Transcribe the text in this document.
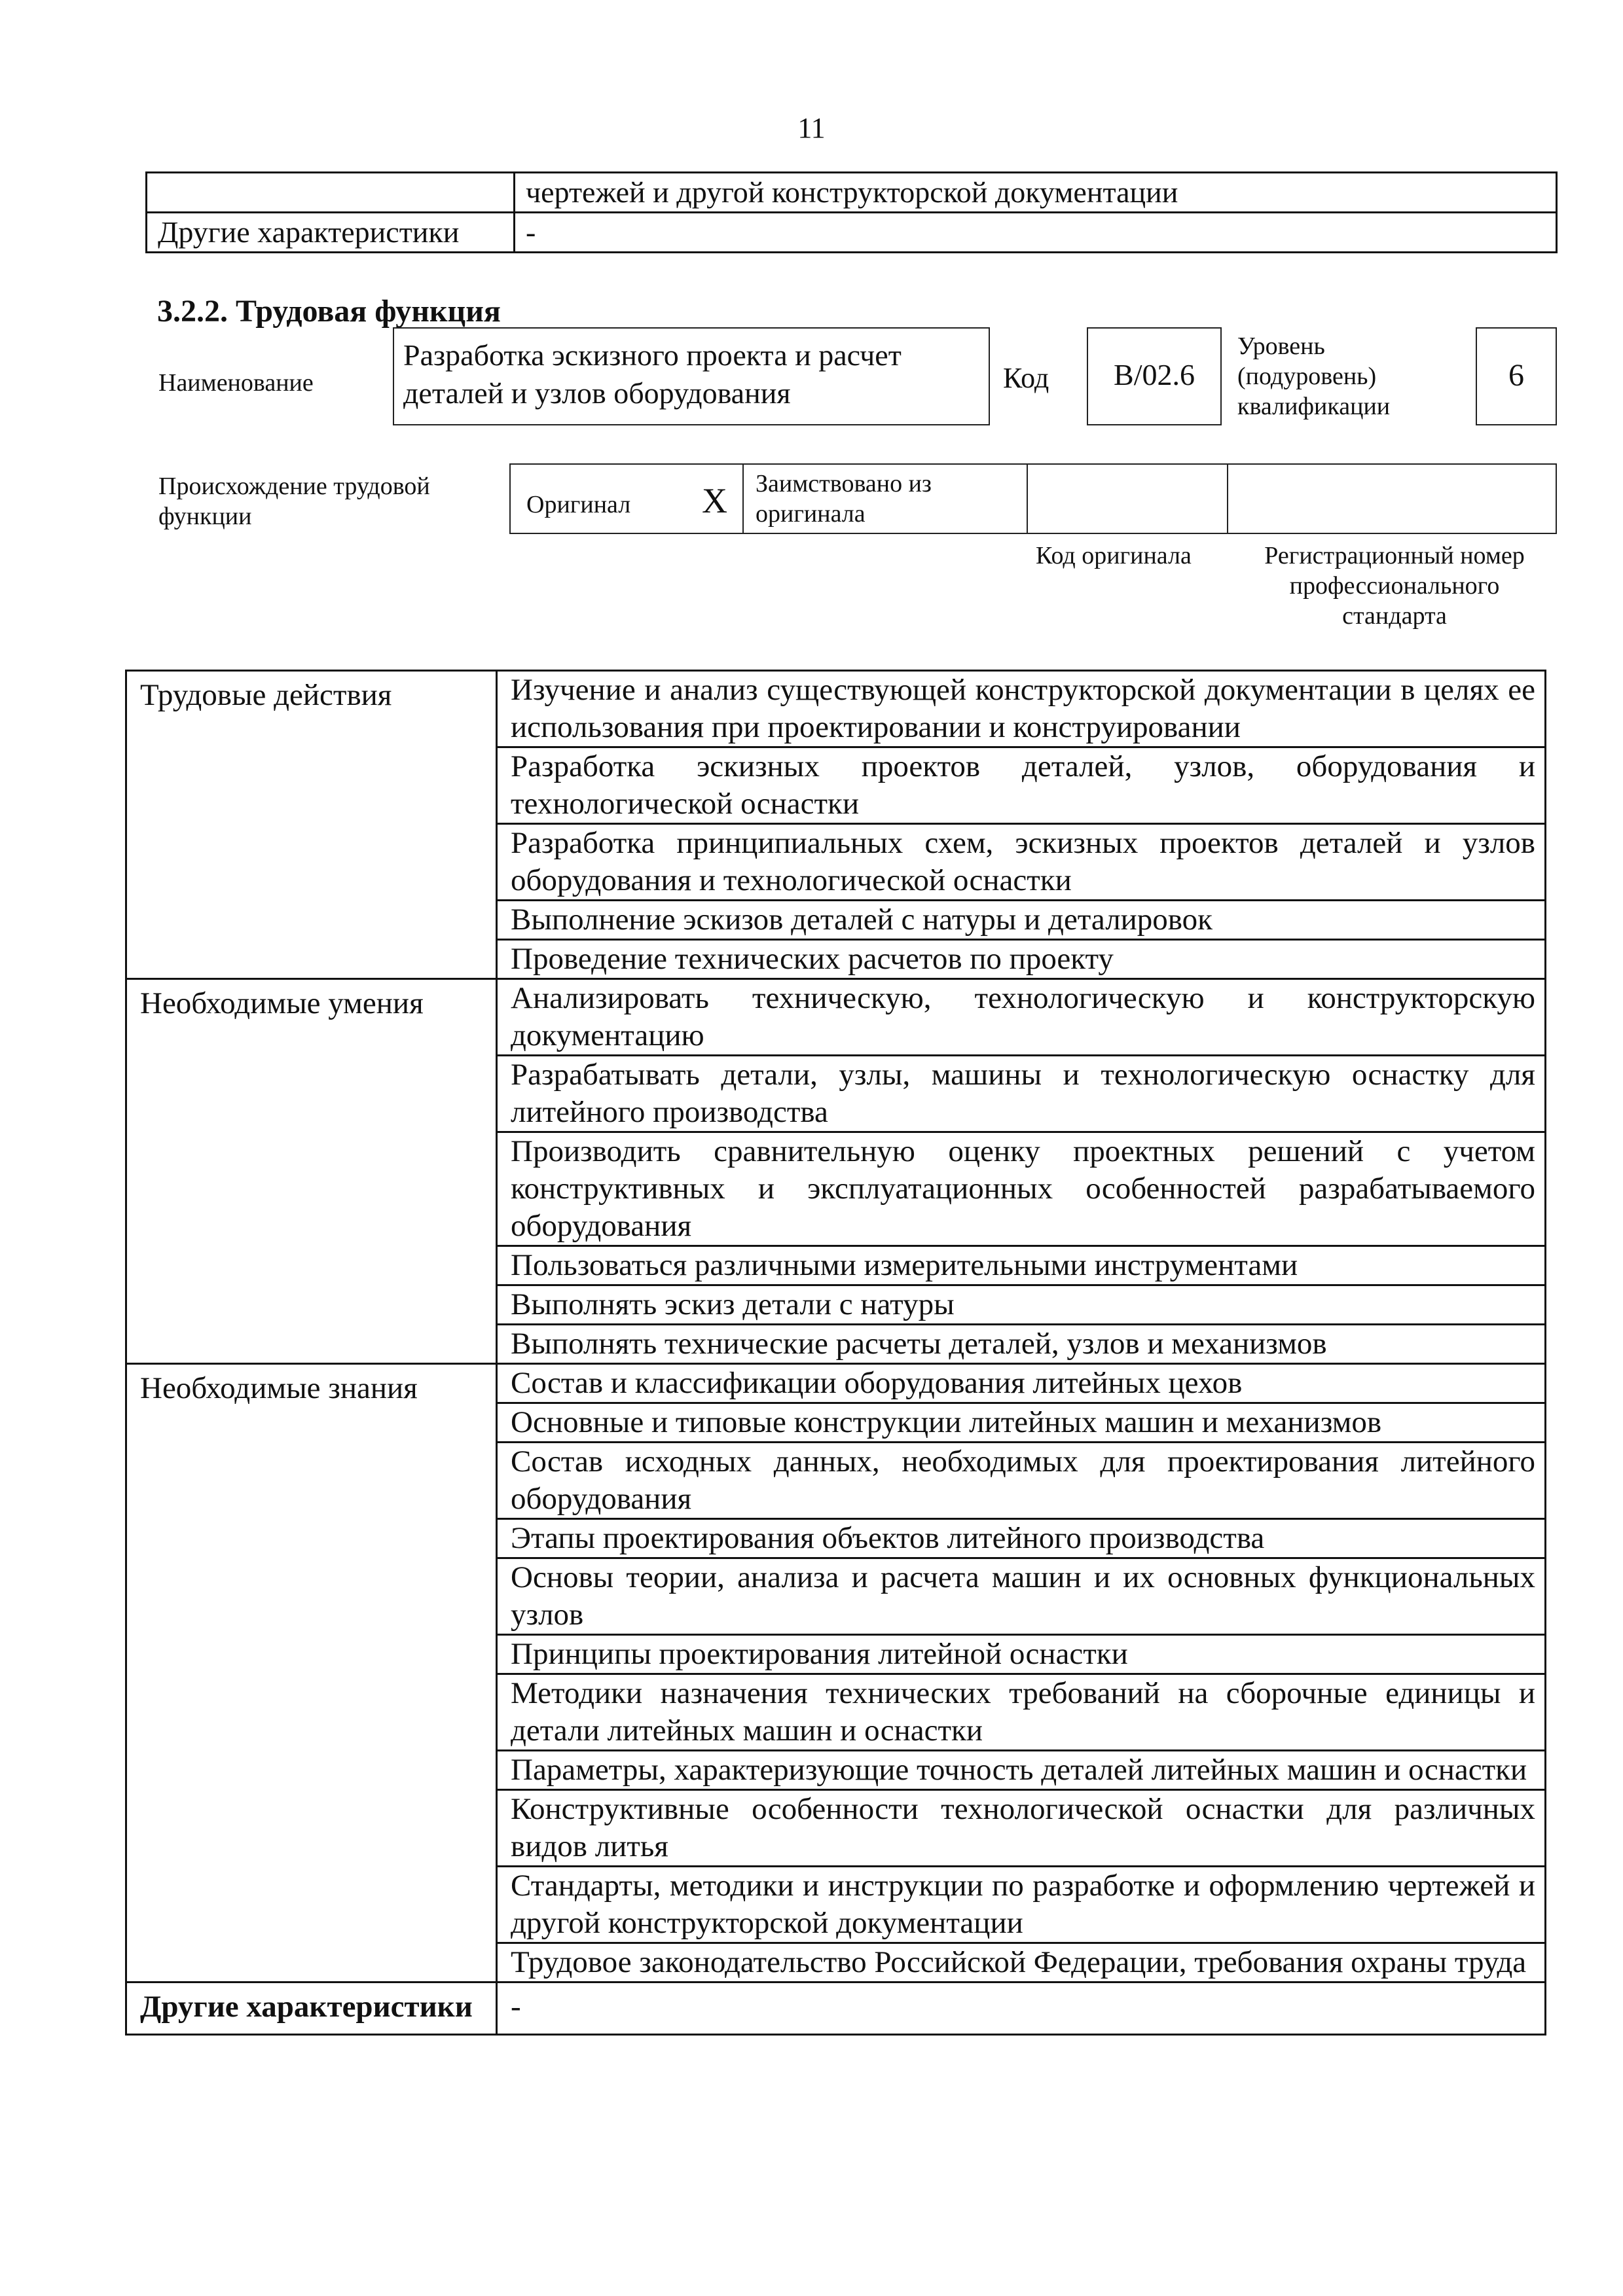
11
	чертежей и другой конструкторской документации
Другие характеристики	-
3.2.2. Трудовая функция
Наименование
Разработка эскизного проекта и расчет деталей и узлов оборудования	Код	B/02.6
Уровень
(подуровень)
квалификации
6
Происхождение трудовой
функции	Оригинал X Заимствовано из
оригинала
Код оригинала	Регистрационный номер
профессионального
стандарта
Трудовые действия	Изучение и анализ существующей конструкторской документации в целях ее использования при проектировании и конструировании
	Разработка эскизных проектов деталей, узлов, оборудования и технологической оснастки
	Разработка принципиальных схем, эскизных проектов деталей и узлов оборудования и технологической оснастки
	Выполнение эскизов деталей с натуры и деталировок
	Проведение технических расчетов по проекту
Необходимые умения	Анализировать техническую, технологическую и конструкторскую документацию
	Разрабатывать детали, узлы, машины и технологическую оснастку для литейного производства
	Производить сравнительную оценку проектных решений с учетом конструктивных и эксплуатационных особенностей разрабатываемого оборудования
	Пользоваться различными измерительными инструментами
	Выполнять эскиз детали с натуры
	Выполнять технические расчеты деталей, узлов и механизмов
Необходимые знания	Состав и классификации оборудования литейных цехов
	Основные и типовые конструкции литейных машин и механизмов
	Состав исходных данных, необходимых для проектирования литейного оборудования
	Этапы проектирования объектов литейного производства
	Основы теории, анализа и расчета машин и их основных функциональных узлов
	Принципы проектирования литейной оснастки
	Методики назначения технических требований на сборочные единицы и детали литейных машин и оснастки
	Параметры, характеризующие точность деталей литейных машин и оснастки
	Конструктивные особенности технологической оснастки для различных видов литья
	Стандарты, методики и инструкции по разработке и оформлению чертежей и другой конструкторской документации
	Трудовое законодательство Российской Федерации, требования охраны труда
Другие характеристики	-
